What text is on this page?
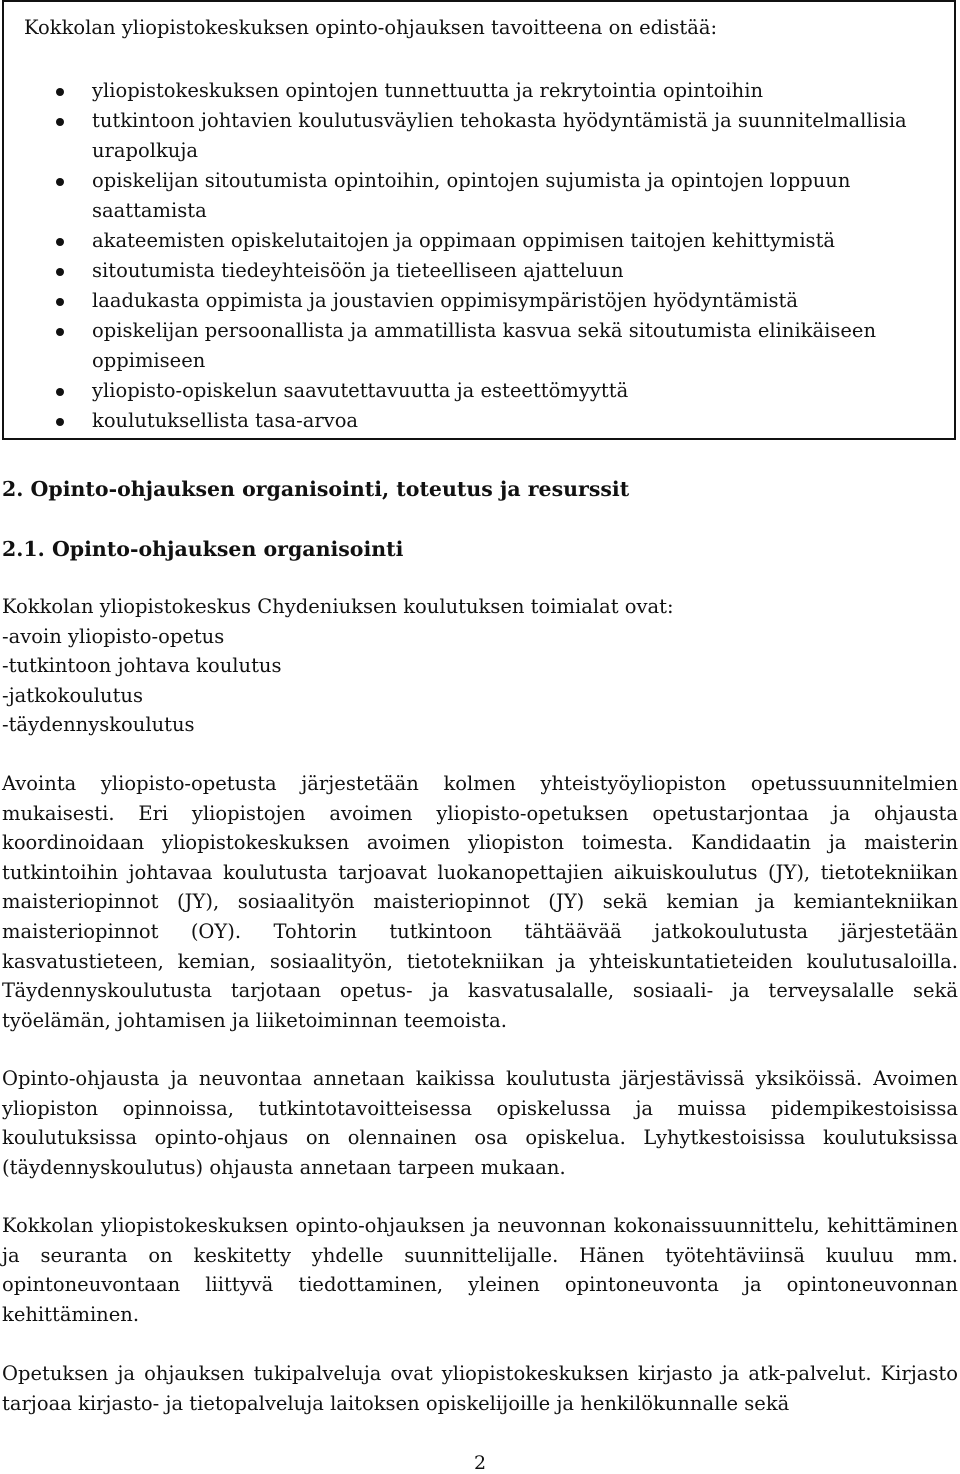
Kokkolan yliopistokeskuksen opinto-ohjauksen tavoitteena on edistää:
yliopistokeskuksen opintojen tunnettuutta ja rekrytointia opintoihin
tutkintoon johtavien koulutusväylien tehokasta hyödyntämistä ja suunnitelmallisia urapolkuja
opiskelijan sitoutumista opintoihin, opintojen sujumista ja opintojen loppuun saattamista
akateemisten opiskelutaitojen ja oppimaan oppimisen taitojen kehittymistä
sitoutumista tiedeyhteisöön ja tieteelliseen ajatteluun
laadukasta oppimista ja joustavien oppimisympäristöjen hyödyntämistä
opiskelijan persoonallista ja ammatillista kasvua sekä sitoutumista elinikäiseen oppimiseen
yliopisto-opiskelun saavutettavuutta ja esteettömyyttä
koulutuksellista tasa-arvoa
2. Opinto-ohjauksen organisointi, toteutus ja resurssit
2.1. Opinto-ohjauksen organisointi
Kokkolan yliopistokeskus Chydeniuksen koulutuksen toimialat ovat:
-avoin yliopisto-opetus
-tutkintoon johtava koulutus
-jatkokoulutus
-täydennyskoulutus
Avointa yliopisto-opetusta järjestetään kolmen yhteistyöyliopiston opetussuunnitelmien mukaisesti. Eri yliopistojen avoimen yliopisto-opetuksen opetustarjontaa ja ohjausta koordinoidaan yliopistokeskuksen avoimen yliopiston toimesta. Kandidaatin ja maisterin tutkintoihin johtavaa koulutusta tarjoavat luokanopettajien aikuiskoulutus (JY), tietotekniikan maisteriopinnot (JY), sosiaalityön maisteriopinnot (JY) sekä kemian ja kemiantekniikan maisteriopinnot (OY). Tohtorin tutkintoon tähtäävää jatkokoulutusta järjestetään kasvatustieteen, kemian, sosiaalityön, tietotekniikan ja yhteiskuntatieteiden koulutusaloilla. Täydennyskoulutusta tarjotaan opetus- ja kasvatusalalle, sosiaali- ja terveysalalle sekä työelämän, johtamisen ja liiketoiminnan teemoista.
Opinto-ohjausta ja neuvontaa annetaan kaikissa koulutusta järjestävissä yksiköissä. Avoimen yliopiston opinnoissa, tutkintotavoitteisessa opiskelussa ja muissa pidempikestoisissa koulutuksissa opinto-ohjaus on olennainen osa opiskelua. Lyhytkestoisissa koulutuksissa (täydennyskoulutus) ohjausta annetaan tarpeen mukaan.
Kokkolan yliopistokeskuksen opinto-ohjauksen ja neuvonnan kokonaissuunnittelu, kehittäminen ja seuranta on keskitetty yhdelle suunnittelijalle. Hänen työtehtäviinsä kuuluu mm. opintoneuvontaan liittyvä tiedottaminen, yleinen opintoneuvonta ja opintoneuvonnan kehittäminen.
Opetuksen ja ohjauksen tukipalveluja ovat yliopistokeskuksen kirjasto ja atk-palvelut. Kirjasto tarjoaa kirjasto- ja tietopalveluja laitoksen opiskelijoille ja henkilökunnalle sekä
2
